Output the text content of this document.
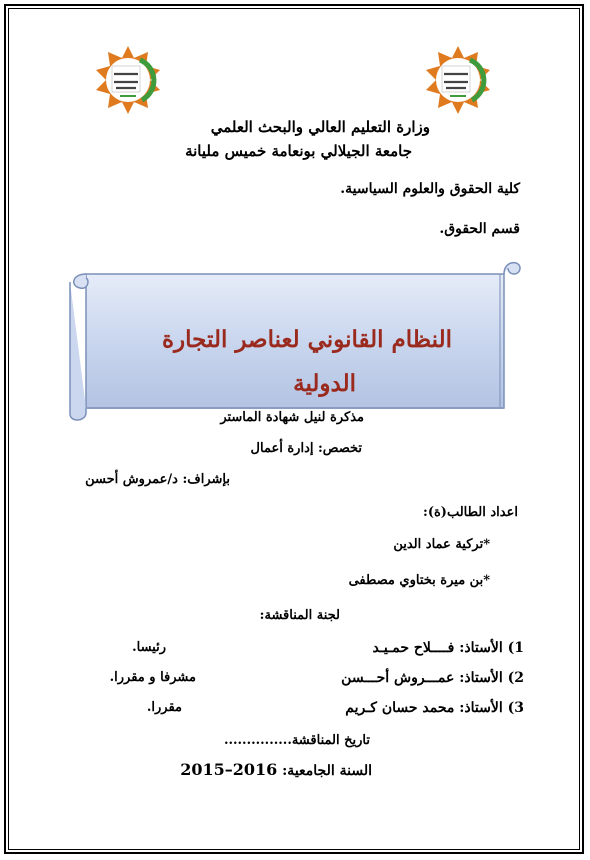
وزارة التعليم العالي والبحث العلمي
جامعة الجيلالي بونعامة خميس مليانة
كلية الحقوق والعلوم السياسية.
قسم الحقوق.
النظام القانوني لعناصر التجارة
الدولية
مذكرة لنيل شهادة الماستر
تخصص: إدارة أعمال
بإشراف: د/عمروش أحسن
اعداد الطالب(ة):
*تركية عماد الدين
*بن ميرة بختاوي مصطفى
لجنة المناقشة:
1) الأستاذ: فــــلاح حمـيـد
رئيسا.
2) الأستاذ: عمـــروش أحـــسن
مشرفا و مقررا.
3) الأستاذ: محمد حسان كـريم
مقررا.
تاريخ المناقشة...............
السنة الجامعية: 2016–2015
